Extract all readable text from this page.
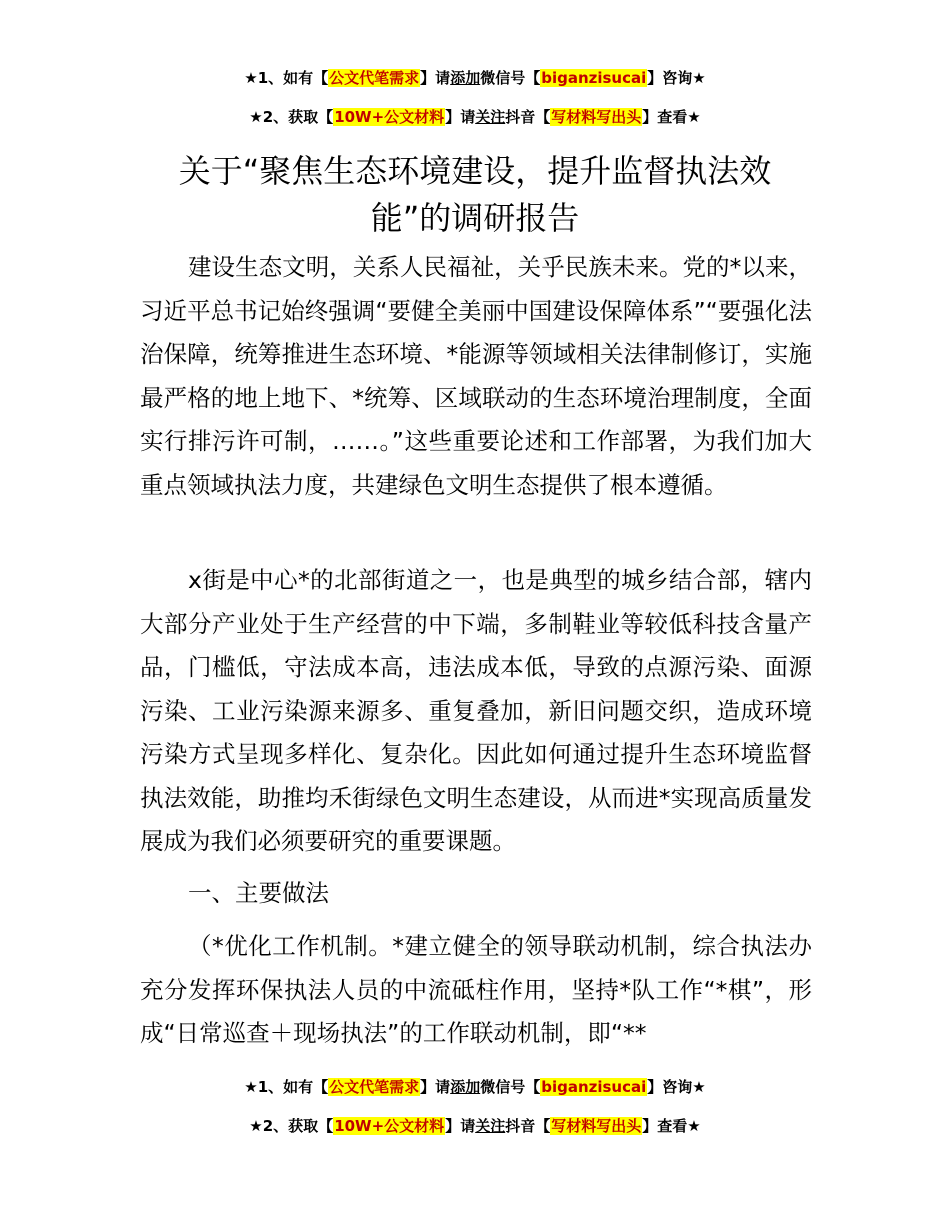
★1、如有【公文代笔需求】请添加微信号【biganzisucai】咨询★
★2、获取【10W+公文材料】请关注抖音【写材料写出头】查看★
关于“聚焦生态环境建设，提升监督执法效能”的调研报告

建设生态文明，关系人民福祉，关乎民族未来。党的*以来，习近平总书记始终强调“要健全美丽中国建设保障体系”“要强化法治保障，统筹推进生态环境、*能源等领域相关法律制修订，实施最严格的地上地下、*统筹、区域联动的生态环境治理制度，全面实行排污许可制，……。”这些重要论述和工作部署，为我们加大重点领域执法力度，共建绿色文明生态提供了根本遵循。

x街是中心*的北部街道之一，也是典型的城乡结合部，辖内大部分产业处于生产经营的中下端，多制鞋业等较低科技含量产品，门槛低，守法成本高，违法成本低，导致的点源污染、面源污染、工业污染源来源多、重复叠加，新旧问题交织，造成环境污染方式呈现多样化、复杂化。因此如何通过提升生态环境监督执法效能，助推均禾街绿色文明生态建设，从而进*实现高质量发展成为我们必须要研究的重要课题。

一、主要做法

（*优化工作机制。*建立健全的领导联动机制，综合执法办充分发挥环保执法人员的中流砥柱作用，坚持*队工作“*棋”，形成“日常巡查＋现场执法”的工作联动机制，即“**

★1、如有【公文代笔需求】请添加微信号【biganzisucai】咨询★
★2、获取【10W+公文材料】请关注抖音【写材料写出头】查看★
